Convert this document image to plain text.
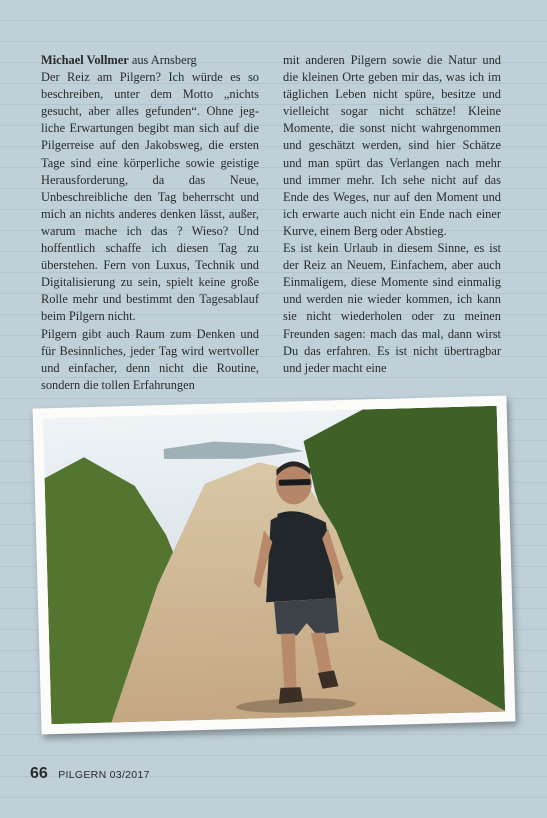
Michael Vollmer aus Arnsberg

Der Reiz am Pilgern? Ich würde es so beschreiben, unter dem Motto „nichts gesucht, aber alles gefunden“. Ohne jegliche Erwartungen begibt man sich auf die Pilgerreise auf den Jakobsweg, die ersten Tage sind eine körperliche sowie geistige Herausforderung, da das Neue, Unbeschreibliche den Tag beherrscht und mich an nichts anderes denken lässt, außer, warum mache ich das ? Wieso? Und hoffentlich schaffe ich diesen Tag zu überstehen. Fern von Luxus, Technik und Digitalisierung zu sein, spielt keine große Rolle mehr und bestimmt den Tagesablauf beim Pilgern nicht.

Pilgern gibt auch Raum zum Denken und für Besinnliches, jeder Tag wird wertvoller und einfacher, denn nicht die Routine, sondern die tollen Erfahrungen

mit anderen Pilgern sowie die Natur und die kleinen Orte geben mir das, was ich im täglichen Leben nicht spüre, besitze und vielleicht sogar nicht schätze! Kleine Momente, die sonst nicht wahrgenommen und geschätzt werden, sind hier Schätze und man spürt das Verlangen nach mehr und immer mehr. Ich sehe nicht auf das Ende des Weges, nur auf den Moment und ich erwarte auch nicht ein Ende nach einer Kurve, einem Berg oder Abstieg.

Es ist kein Urlaub in diesem Sinne, es ist der Reiz an Neuem, Einfachem, aber auch Einmaligem, diese Momente sind einmalig und werden nie wieder kommen, ich kann sie nicht wiederholen oder zu meinen Freunden sagen: mach das mal, dann wirst Du das erfahren. Es ist nicht übertragbar und jeder macht eine

66 PILGERN 03/2017
